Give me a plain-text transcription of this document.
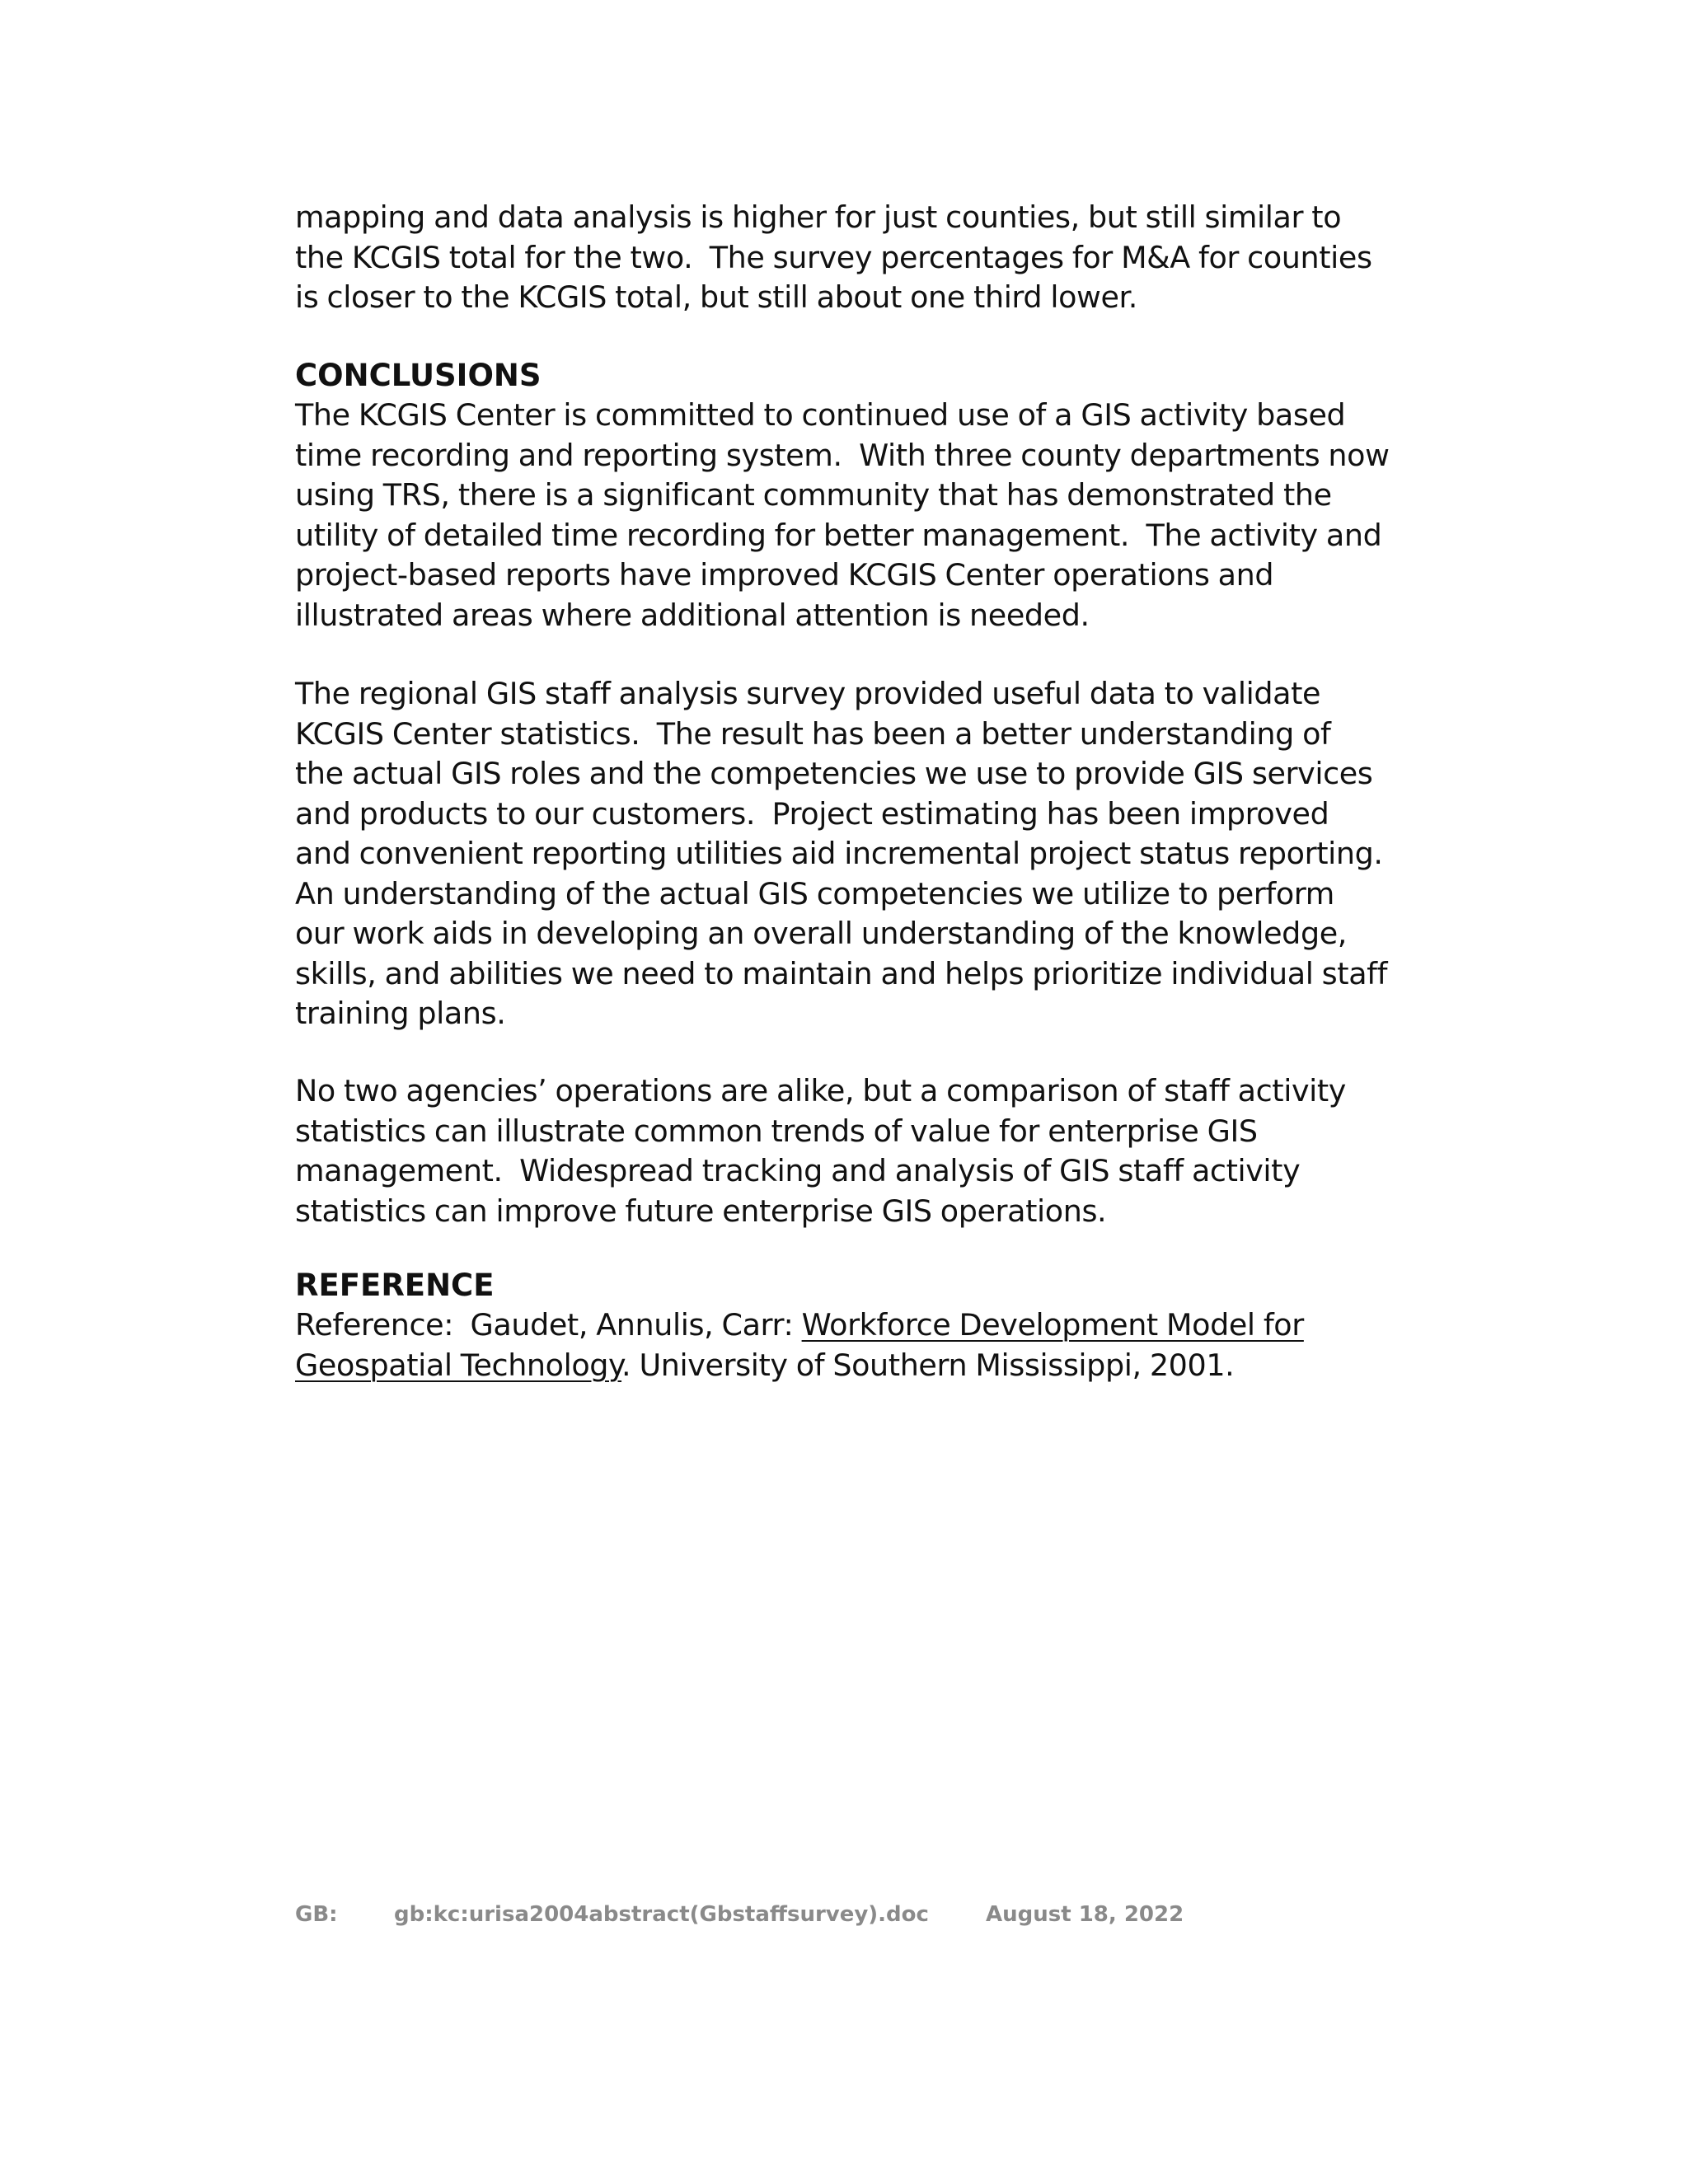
mapping and data analysis is higher for just counties, but still similar to
the KCGIS total for the two.  The survey percentages for M&A for counties
is closer to the KCGIS total, but still about one third lower.
CONCLUSIONS
The KCGIS Center is committed to continued use of a GIS activity based
time recording and reporting system.  With three county departments now
using TRS, there is a significant community that has demonstrated the
utility of detailed time recording for better management.  The activity and
project-based reports have improved KCGIS Center operations and
illustrated areas where additional attention is needed.
The regional GIS staff analysis survey provided useful data to validate
KCGIS Center statistics.  The result has been a better understanding of
the actual GIS roles and the competencies we use to provide GIS services
and products to our customers.  Project estimating has been improved
and convenient reporting utilities aid incremental project status reporting.
An understanding of the actual GIS competencies we utilize to perform
our work aids in developing an overall understanding of the knowledge,
skills, and abilities we need to maintain and helps prioritize individual staff
training plans.
No two agencies’ operations are alike, but a comparison of staff activity
statistics can illustrate common trends of value for enterprise GIS
management.  Widespread tracking and analysis of GIS staff activity
statistics can improve future enterprise GIS operations.
REFERENCE
Reference:  Gaudet, Annulis, Carr: Workforce Development Model for
Geospatial Technology. University of Southern Mississippi, 2001.
GB:	gb:kc:urisa2004abstract(Gbstaffsurvey).doc	August 18, 2022
